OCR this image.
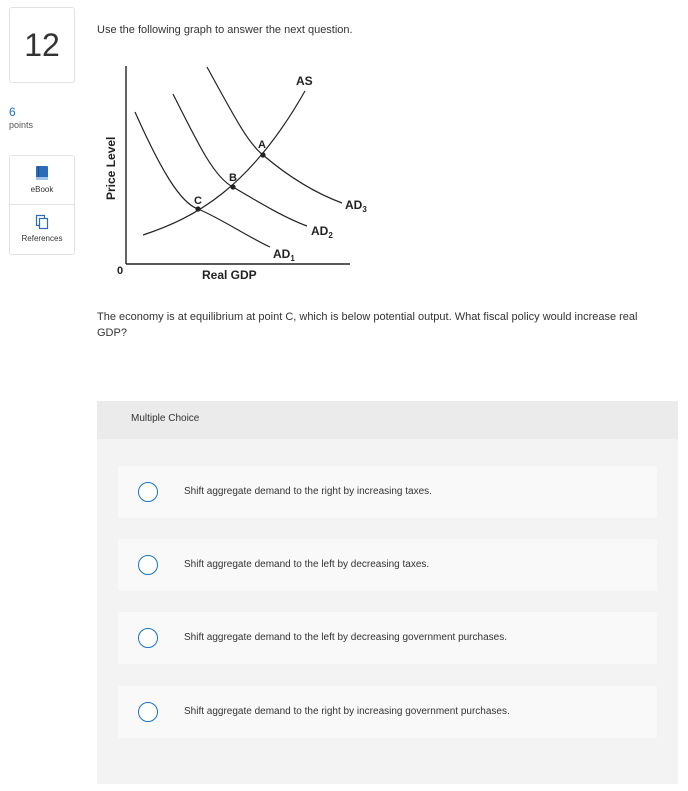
12
6
points
eBook
References
Use the following graph to answer the next question.
A
B
C
AS
$AD_3$
$AD_2$
$AD_1$
0	Real GDP
Price Level
The economy is at equilibrium at point C, which is below potential output. What fiscal policy would increase real GDP?
Multiple Choice
Shift aggregate demand to the right by increasing taxes.
Shift aggregate demand to the left by decreasing taxes.
Shift aggregate demand to the left by decreasing government purchases.
Shift aggregate demand to the right by increasing government purchases.
